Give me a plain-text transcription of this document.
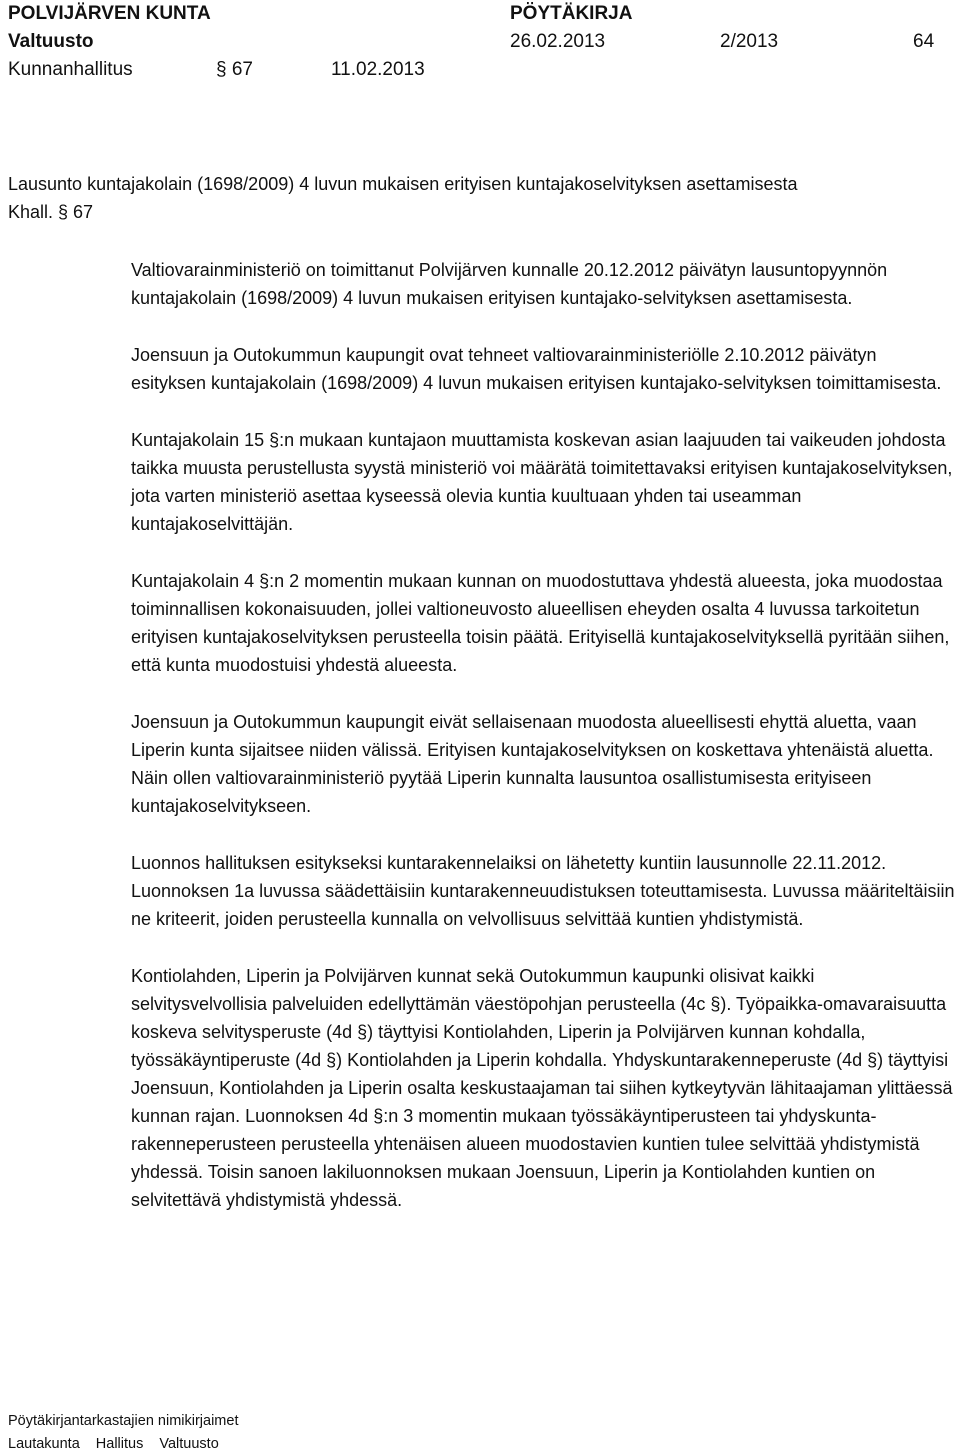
POLVIJÄRVEN KUNTA	PÖYTÄKIRJA
Valtuusto	26.02.2013	2/2013	64
Kunnanhallitus	§ 67	11.02.2013
Lausunto kuntajakolain (1698/2009) 4 luvun mukaisen erityisen kuntajakoselvityksen asettamisesta
Khall. § 67

Valtiovarainministeriö on toimittanut Polvijärven kunnalle 20.12.2012 päivätyn lausuntopyynnön kuntajakolain (1698/2009) 4 luvun mukaisen erityisen kuntajako-selvityksen asettamisesta.

Joensuun ja Outokummun kaupungit ovat tehneet valtiovarainministeriölle 2.10.2012 päivätyn esityksen kuntajakolain (1698/2009) 4 luvun mukaisen erityisen kuntajako-selvityksen toimittamisesta.

Kuntajakolain 15 §:n mukaan kuntajaon muuttamista koskevan asian laajuuden tai vaikeuden johdosta taikka muusta perustellusta syystä ministeriö voi määrätä toimitettavaksi erityisen kuntajakoselvityksen, jota varten ministeriö asettaa kyseessä olevia kuntia kuultuaan yhden tai useamman kuntajakoselvittäjän.

Kuntajakolain 4 §:n 2 momentin mukaan kunnan on muodostuttava yhdestä alueesta, joka muodostaa toiminnallisen kokonaisuuden, jollei valtioneuvosto alueellisen eheyden osalta 4 luvussa tarkoitetun erityisen kuntajakoselvityksen perusteella toisin päätä. Erityisellä kuntajakoselvityksellä pyritään siihen, että kunta muodostuisi yhdestä alueesta.

Joensuun ja Outokummun kaupungit eivät sellaisenaan muodosta alueellisesti ehyttä aluetta, vaan Liperin kunta sijaitsee niiden välissä. Erityisen kuntajakoselvityksen on koskettava yhtenäistä aluetta. Näin ollen valtiovarainministeriö pyytää Liperin kunnalta lausuntoa osallistumisesta erityiseen kuntajakoselvitykseen.

Luonnos hallituksen esitykseksi kuntarakennelaiksi on lähetetty kuntiin lausunnolle 22.11.2012. Luonnoksen 1a luvussa säädettäisiin kuntarakenneuudistuksen toteuttamisesta. Luvussa määriteltäisiin ne kriteerit, joiden perusteella kunnalla on velvollisuus selvittää kuntien yhdistymistä.

Kontiolahden, Liperin ja Polvijärven kunnat sekä Outokummun kaupunki olisivat kaikki selvitysvelvollisia palveluiden edellyttämän väestöpohjan perusteella (4c §). Työpaikka-omavaraisuutta koskeva selvitysperuste (4d §) täyttyisi Kontiolahden, Liperin ja Polvijärven kunnan kohdalla, työssäkäyntiperuste (4d §) Kontiolahden ja Liperin kohdalla. Yhdyskuntarakenneperuste (4d §) täyttyisi Joensuun, Kontiolahden ja Liperin osalta keskustaajaman tai siihen kytkeytyvän lähitaajaman ylittäessä kunnan rajan. Luonnoksen 4d §:n 3 momentin mukaan työssäkäyntiperusteen tai yhdyskunta-rakenneperusteen perusteella yhtenäisen alueen muodostavien kuntien tulee selvittää yhdistymistä yhdessä. Toisin sanoen lakiluonnoksen mukaan Joensuun, Liperin ja Kontiolahden kuntien on selvitettävä yhdistymistä yhdessä.

Pöytäkirjantarkastajien nimikirjaimet
Lautakunta Hallitus Valtuusto
